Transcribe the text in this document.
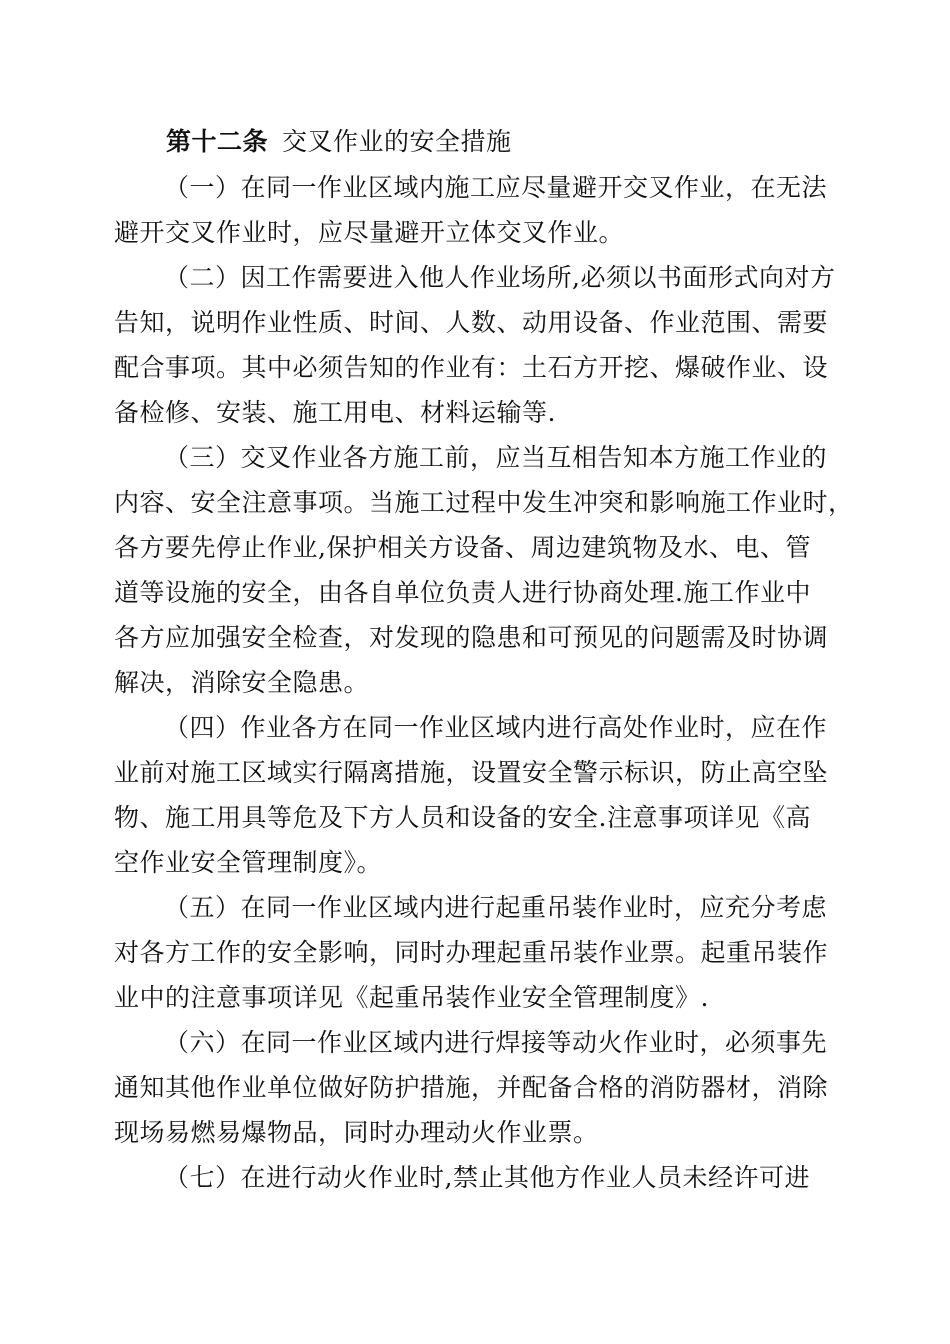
第十二条 交叉作业的安全措施
（一）在同一作业区域内施工应尽量避开交叉作业，在无法
避开交叉作业时，应尽量避开立体交叉作业。
（二）因工作需要进入他人作业场所,必须以书面形式向对方
告知，说明作业性质、时间、人数、动用设备、作业范围、需要
配合事项。其中必须告知的作业有：土石方开挖、爆破作业、设
备检修、安装、施工用电、材料运输等.
（三）交叉作业各方施工前，应当互相告知本方施工作业的
内容、安全注意事项。当施工过程中发生冲突和影响施工作业时，
各方要先停止作业,保护相关方设备、周边建筑物及水、电、管
道等设施的安全，由各自单位负责人进行协商处理.施工作业中
各方应加强安全检查，对发现的隐患和可预见的问题需及时协调
解决，消除安全隐患。
（四）作业各方在同一作业区域内进行高处作业时，应在作
业前对施工区域实行隔离措施，设置安全警示标识，防止高空坠
物、施工用具等危及下方人员和设备的安全.注意事项详见《高
空作业安全管理制度》。
（五）在同一作业区域内进行起重吊装作业时，应充分考虑
对各方工作的安全影响，同时办理起重吊装作业票。起重吊装作
业中的注意事项详见《起重吊装作业安全管理制度》.
（六）在同一作业区域内进行焊接等动火作业时，必须事先
通知其他作业单位做好防护措施，并配备合格的消防器材，消除
现场易燃易爆物品，同时办理动火作业票。
（七）在进行动火作业时,禁止其他方作业人员未经许可进
